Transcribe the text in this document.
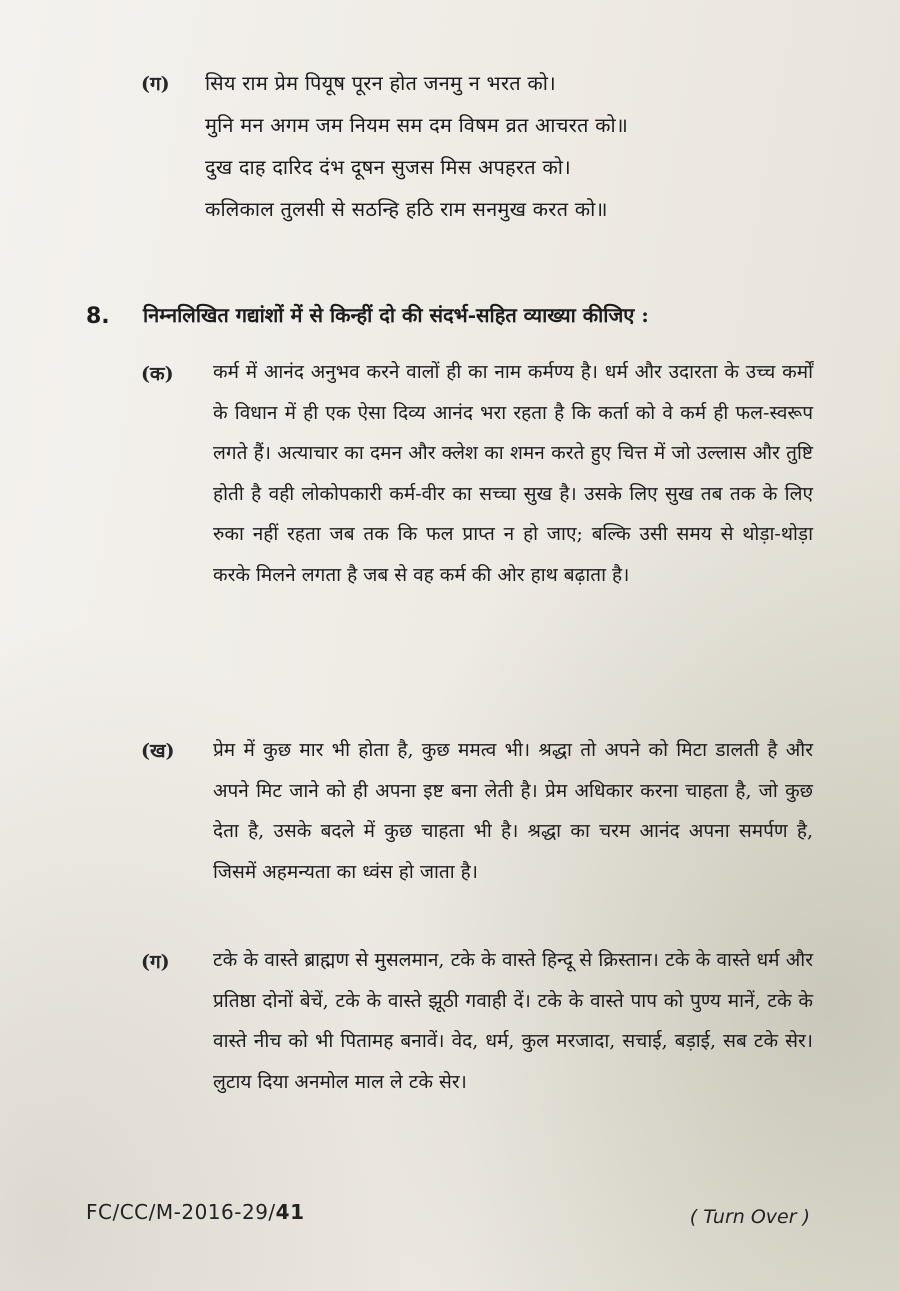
(ग) सिय राम प्रेम पियूष पूरन होत जनमु न भरत को।
मुनि मन अगम जम नियम सम दम विषम व्रत आचरत को॥
दुख दाह दारिद दंभ दूषन सुजस मिस अपहरत को।
कलिकाल तुलसी से सठन्हि हठि राम सनमुख करत को॥
8. निम्नलिखित गद्यांशों में से किन्हीं दो की संदर्भ-सहित व्याख्या कीजिए :
(क) कर्म में आनंद अनुभव करने वालों ही का नाम कर्मण्य है। धर्म और उदारता के उच्च कर्मों के विधान में ही एक ऐसा दिव्य आनंद भरा रहता है कि कर्ता को वे कर्म ही फल-स्वरूप लगते हैं। अत्याचार का दमन और क्लेश का शमन करते हुए चित्त में जो उल्लास और तुष्टि होती है वही लोकोपकारी कर्म-वीर का सच्चा सुख है। उसके लिए सुख तब तक के लिए रुका नहीं रहता जब तक कि फल प्राप्त न हो जाए; बल्कि उसी समय से थोड़ा-थोड़ा करके मिलने लगता है जब से वह कर्म की ओर हाथ बढ़ाता है।
(ख) प्रेम में कुछ मार भी होता है, कुछ ममत्व भी। श्रद्धा तो अपने को मिटा डालती है और अपने मिट जाने को ही अपना इष्ट बना लेती है। प्रेम अधिकार करना चाहता है, जो कुछ देता है, उसके बदले में कुछ चाहता भी है। श्रद्धा का चरम आनंद अपना समर्पण है, जिसमें अहमन्यता का ध्वंस हो जाता है।
(ग) टके के वास्ते ब्राह्मण से मुसलमान, टके के वास्ते हिन्दू से क्रिस्तान। टके के वास्ते धर्म और प्रतिष्ठा दोनों बेचें, टके के वास्ते झूठी गवाही दें। टके के वास्ते पाप को पुण्य मानें, टके के वास्ते नीच को भी पितामह बनावें। वेद, धर्म, कुल मरजादा, सचाई, बड़ाई, सब टके सेर। लुटाय दिया अनमोल माल ले टके सेर।
FC/CC/M-2016-29/41	( Turn Over )
